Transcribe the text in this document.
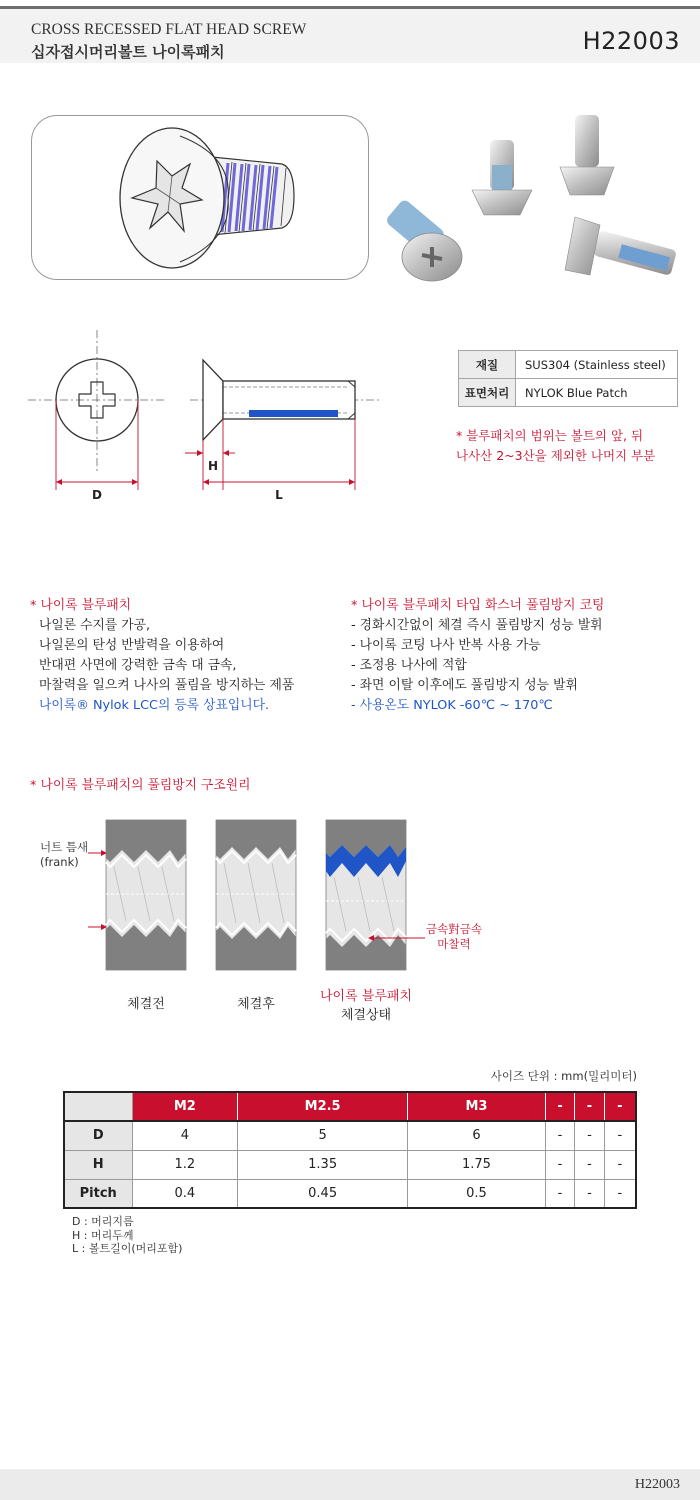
CROSS RECESSED FLAT HEAD SCREW
십자접시머리볼트 나이록패치	H22003
D
H
L
재질	SUS304 (Stainless steel)
표면처리	NYLOK Blue Patch
* 블루패치의 범위는 볼트의 앞, 뒤
나사산 2~3산을 제외한 나머지 부분
* 나이록 블루패치
나일론 수지를 가공,
나일론의 탄성 반발력을 이용하여
반대편 사면에 강력한 금속 대 금속,
마찰력을 일으켜 나사의 풀림을 방지하는 제품
나이록® Nylok LCC의 등록 상표입니다.
* 나이록 블루패치 타입 화스너 풀림방지 코팅
- 경화시간없이 체결 즉시 풀림방지 성능 발휘
- 나이록 코팅 나사 반복 사용 가능
- 조정용 나사에 적합
- 좌면 이탈 이후에도 풀림방지 성능 발휘
- 사용온도 NYLOK -60℃ ~ 170℃
* 나이록 블루패치의 풀림방지 구조원리
너트 틈새
(frank)
금속對금속
마찰력
체결전	체결후
나이록 블루패치
체결상태
사이즈 단위 : mm(밀리미터)
	M2	M2.5	M3	-	-	-
D	4	5	6	-	-	-
H	1.2	1.35	1.75	-	-	-
Pitch	0.4	0.45	0.5	-	-	-
D : 머리지름
H : 머리두께
L : 볼트길이(머리포함)
H22003
